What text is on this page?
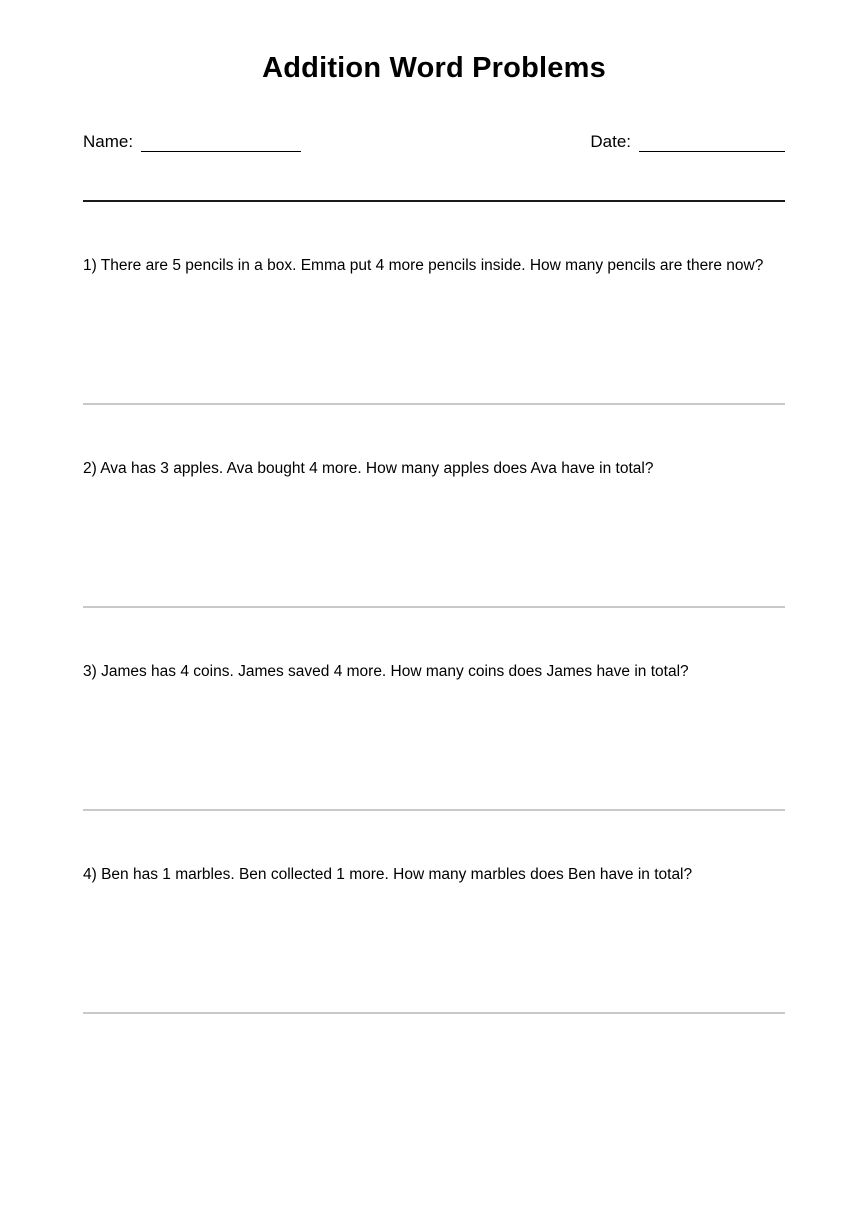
Addition Word Problems
Name:	Date:

1) There are 5 pencils in a box. Emma put 4 more pencils inside. How many pencils are there now?

2) Ava has 3 apples. Ava bought 4 more. How many apples does Ava have in total?

3) James has 4 coins. James saved 4 more. How many coins does James have in total?

4) Ben has 1 marbles. Ben collected 1 more. How many marbles does Ben have in total?
